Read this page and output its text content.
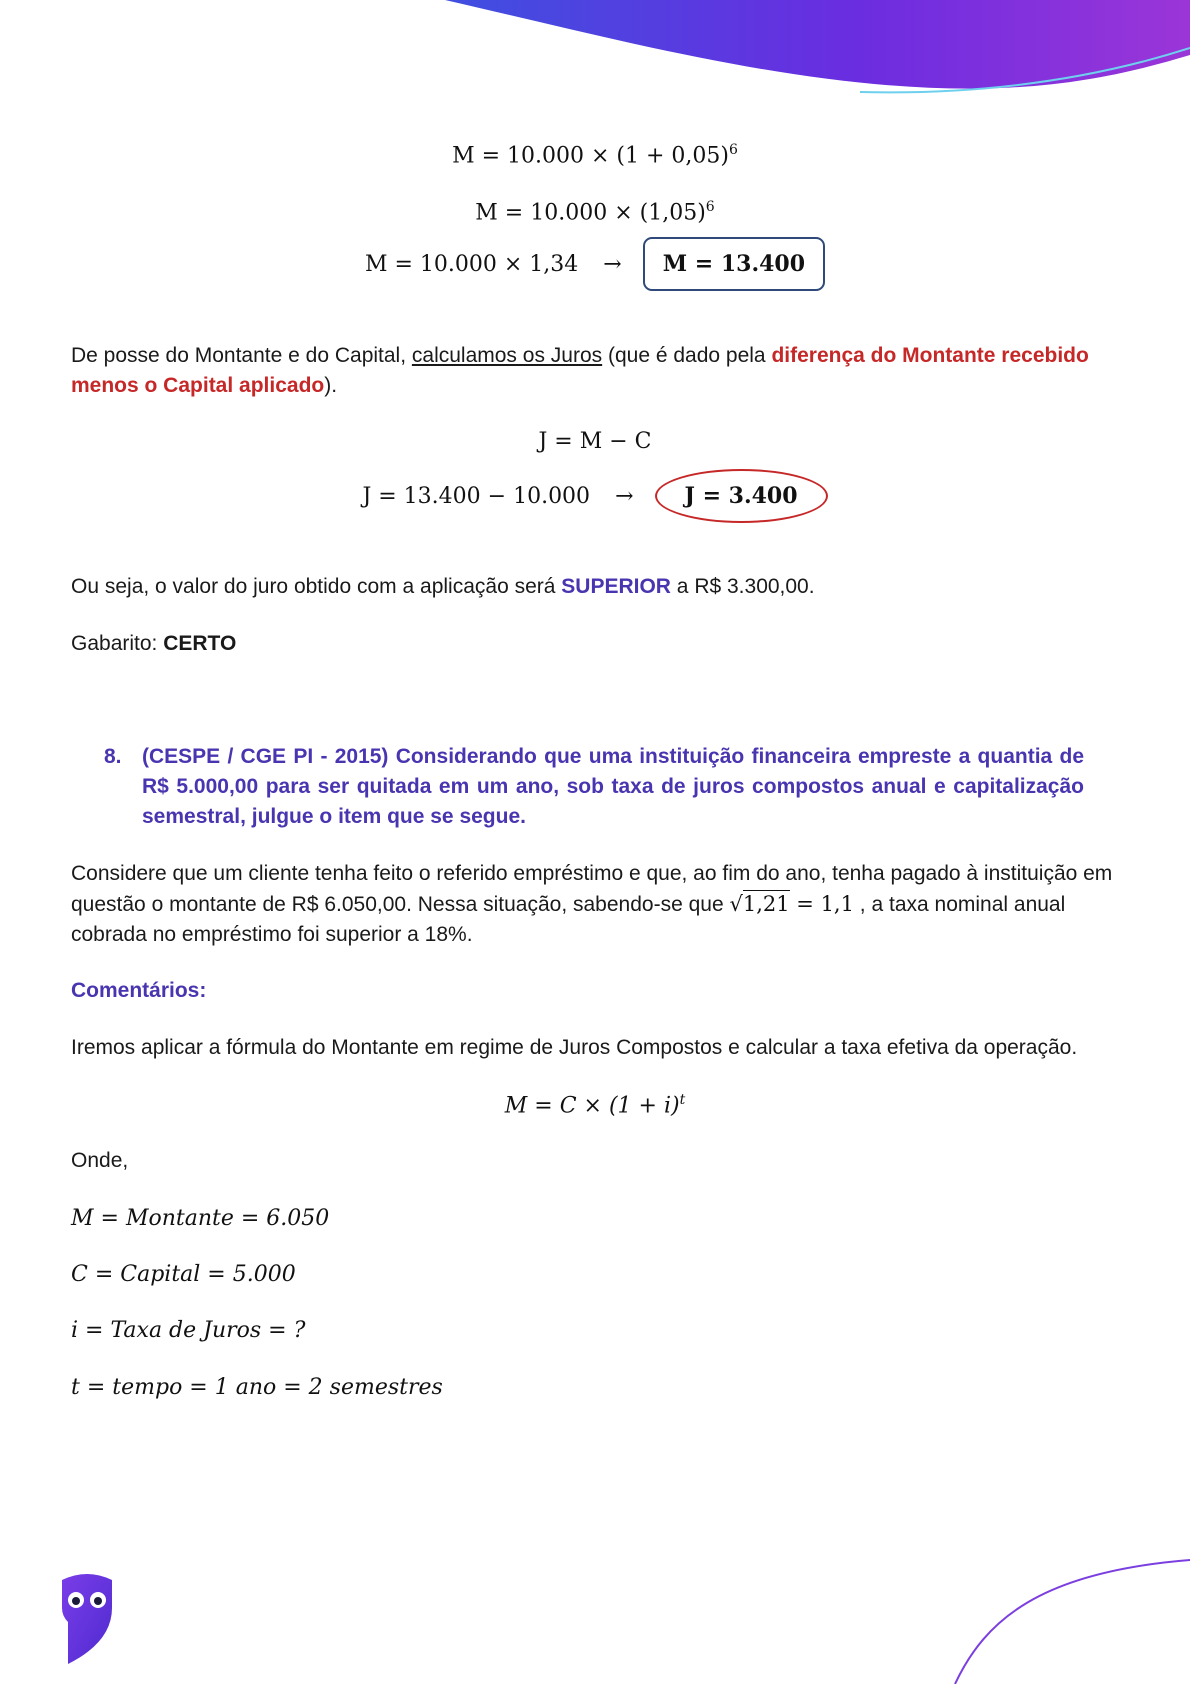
$M = 10.000 \times (1 + 0,05)^6$
$M = 10.000 \times (1,05)^6$
M = 10.000 × 1,34 → M = 13.400
De posse do Montante e do Capital, calculamos os Juros (que é dado pela diferença do Montante recebido menos o Capital aplicado).
J = M − C
J = 13.400 − 10.000 → J = 3.400
Ou seja, o valor do juro obtido com a aplicação será SUPERIOR a R$ 3.300,00.
Gabarito: CERTO
8. (CESPE / CGE PI - 2015) Considerando que uma instituição financeira empreste a quantia de R$ 5.000,00 para ser quitada em um ano, sob taxa de juros compostos anual e capitalização semestral, julgue o item que se segue.
Considere que um cliente tenha feito o referido empréstimo e que, ao fim do ano, tenha pagado à instituição em questão o montante de R$ 6.050,00. Nessa situação, sabendo-se que √1,21 = 1,1 , a taxa nominal anual cobrada no empréstimo foi superior a 18%.
Comentários:
Iremos aplicar a fórmula do Montante em regime de Juros Compostos e calcular a taxa efetiva da operação.
$M = C \times (1 + i)^t$
Onde,
M = Montante = 6.050
C = Capital = 5.000
i = Taxa de Juros = ?
t = tempo = 1 ano = 2 semestres
